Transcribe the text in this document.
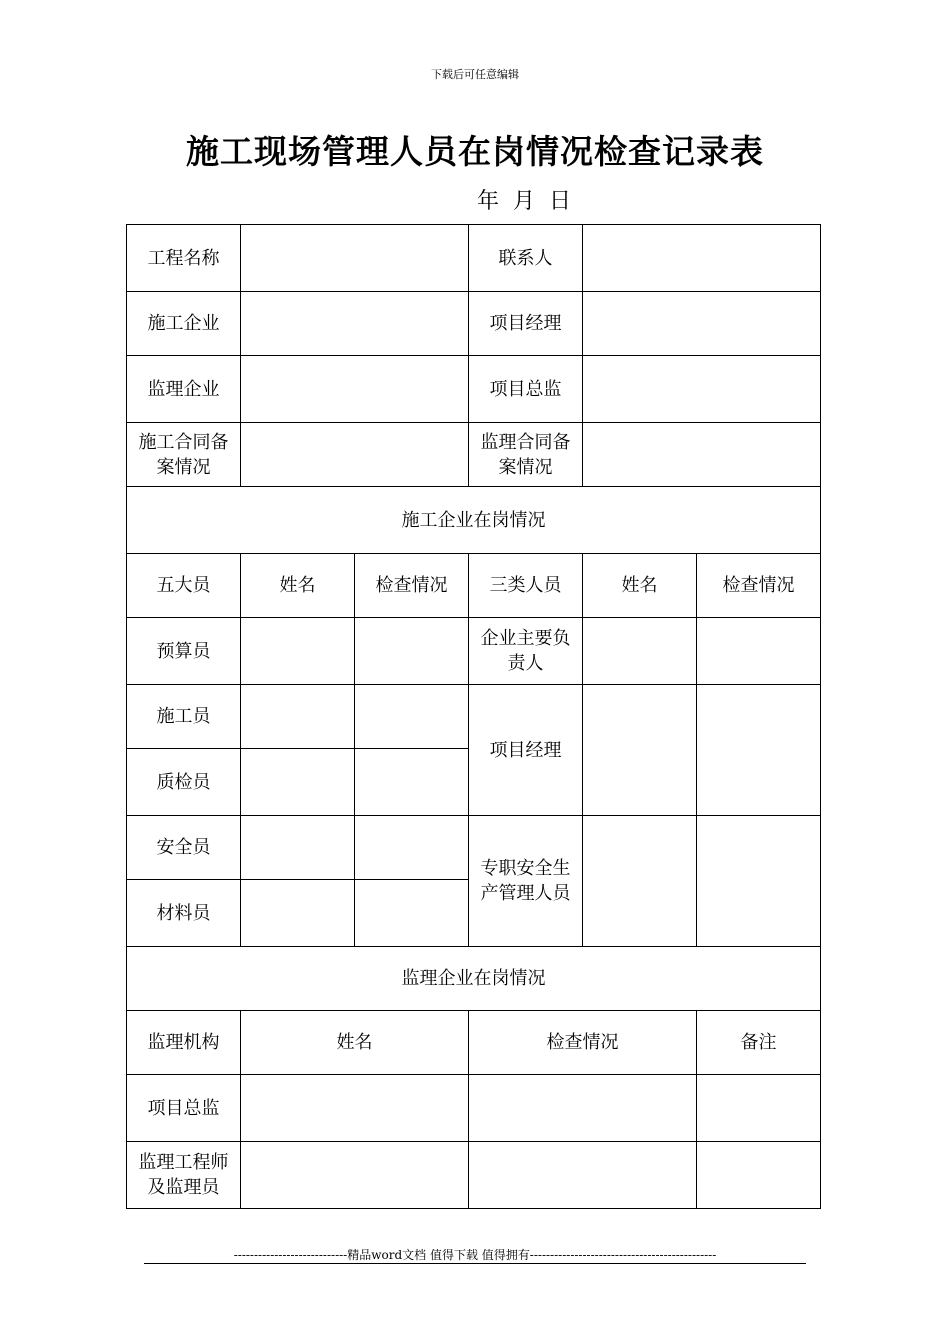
下载后可任意编辑
施工现场管理人员在岗情况检查记录表
年 月 日
工程名称			联系人		
施工企业			项目经理		
监理企业			项目总监		
施工合同备案情况			监理合同备案情况		
施工企业在岗情况					
五大员	姓名	检查情况	三类人员	姓名	检查情况
预算员			企业主要负责人		
施工员			项目经理		
质检员					
安全员			专职安全生产管理人员		
材料员					
监理企业在岗情况					
监理机构	姓名		检查情况		备注
项目总监					
监理工程师及监理员					
----------------------------精品word文档 值得下载 值得拥有----------------------------------------------
